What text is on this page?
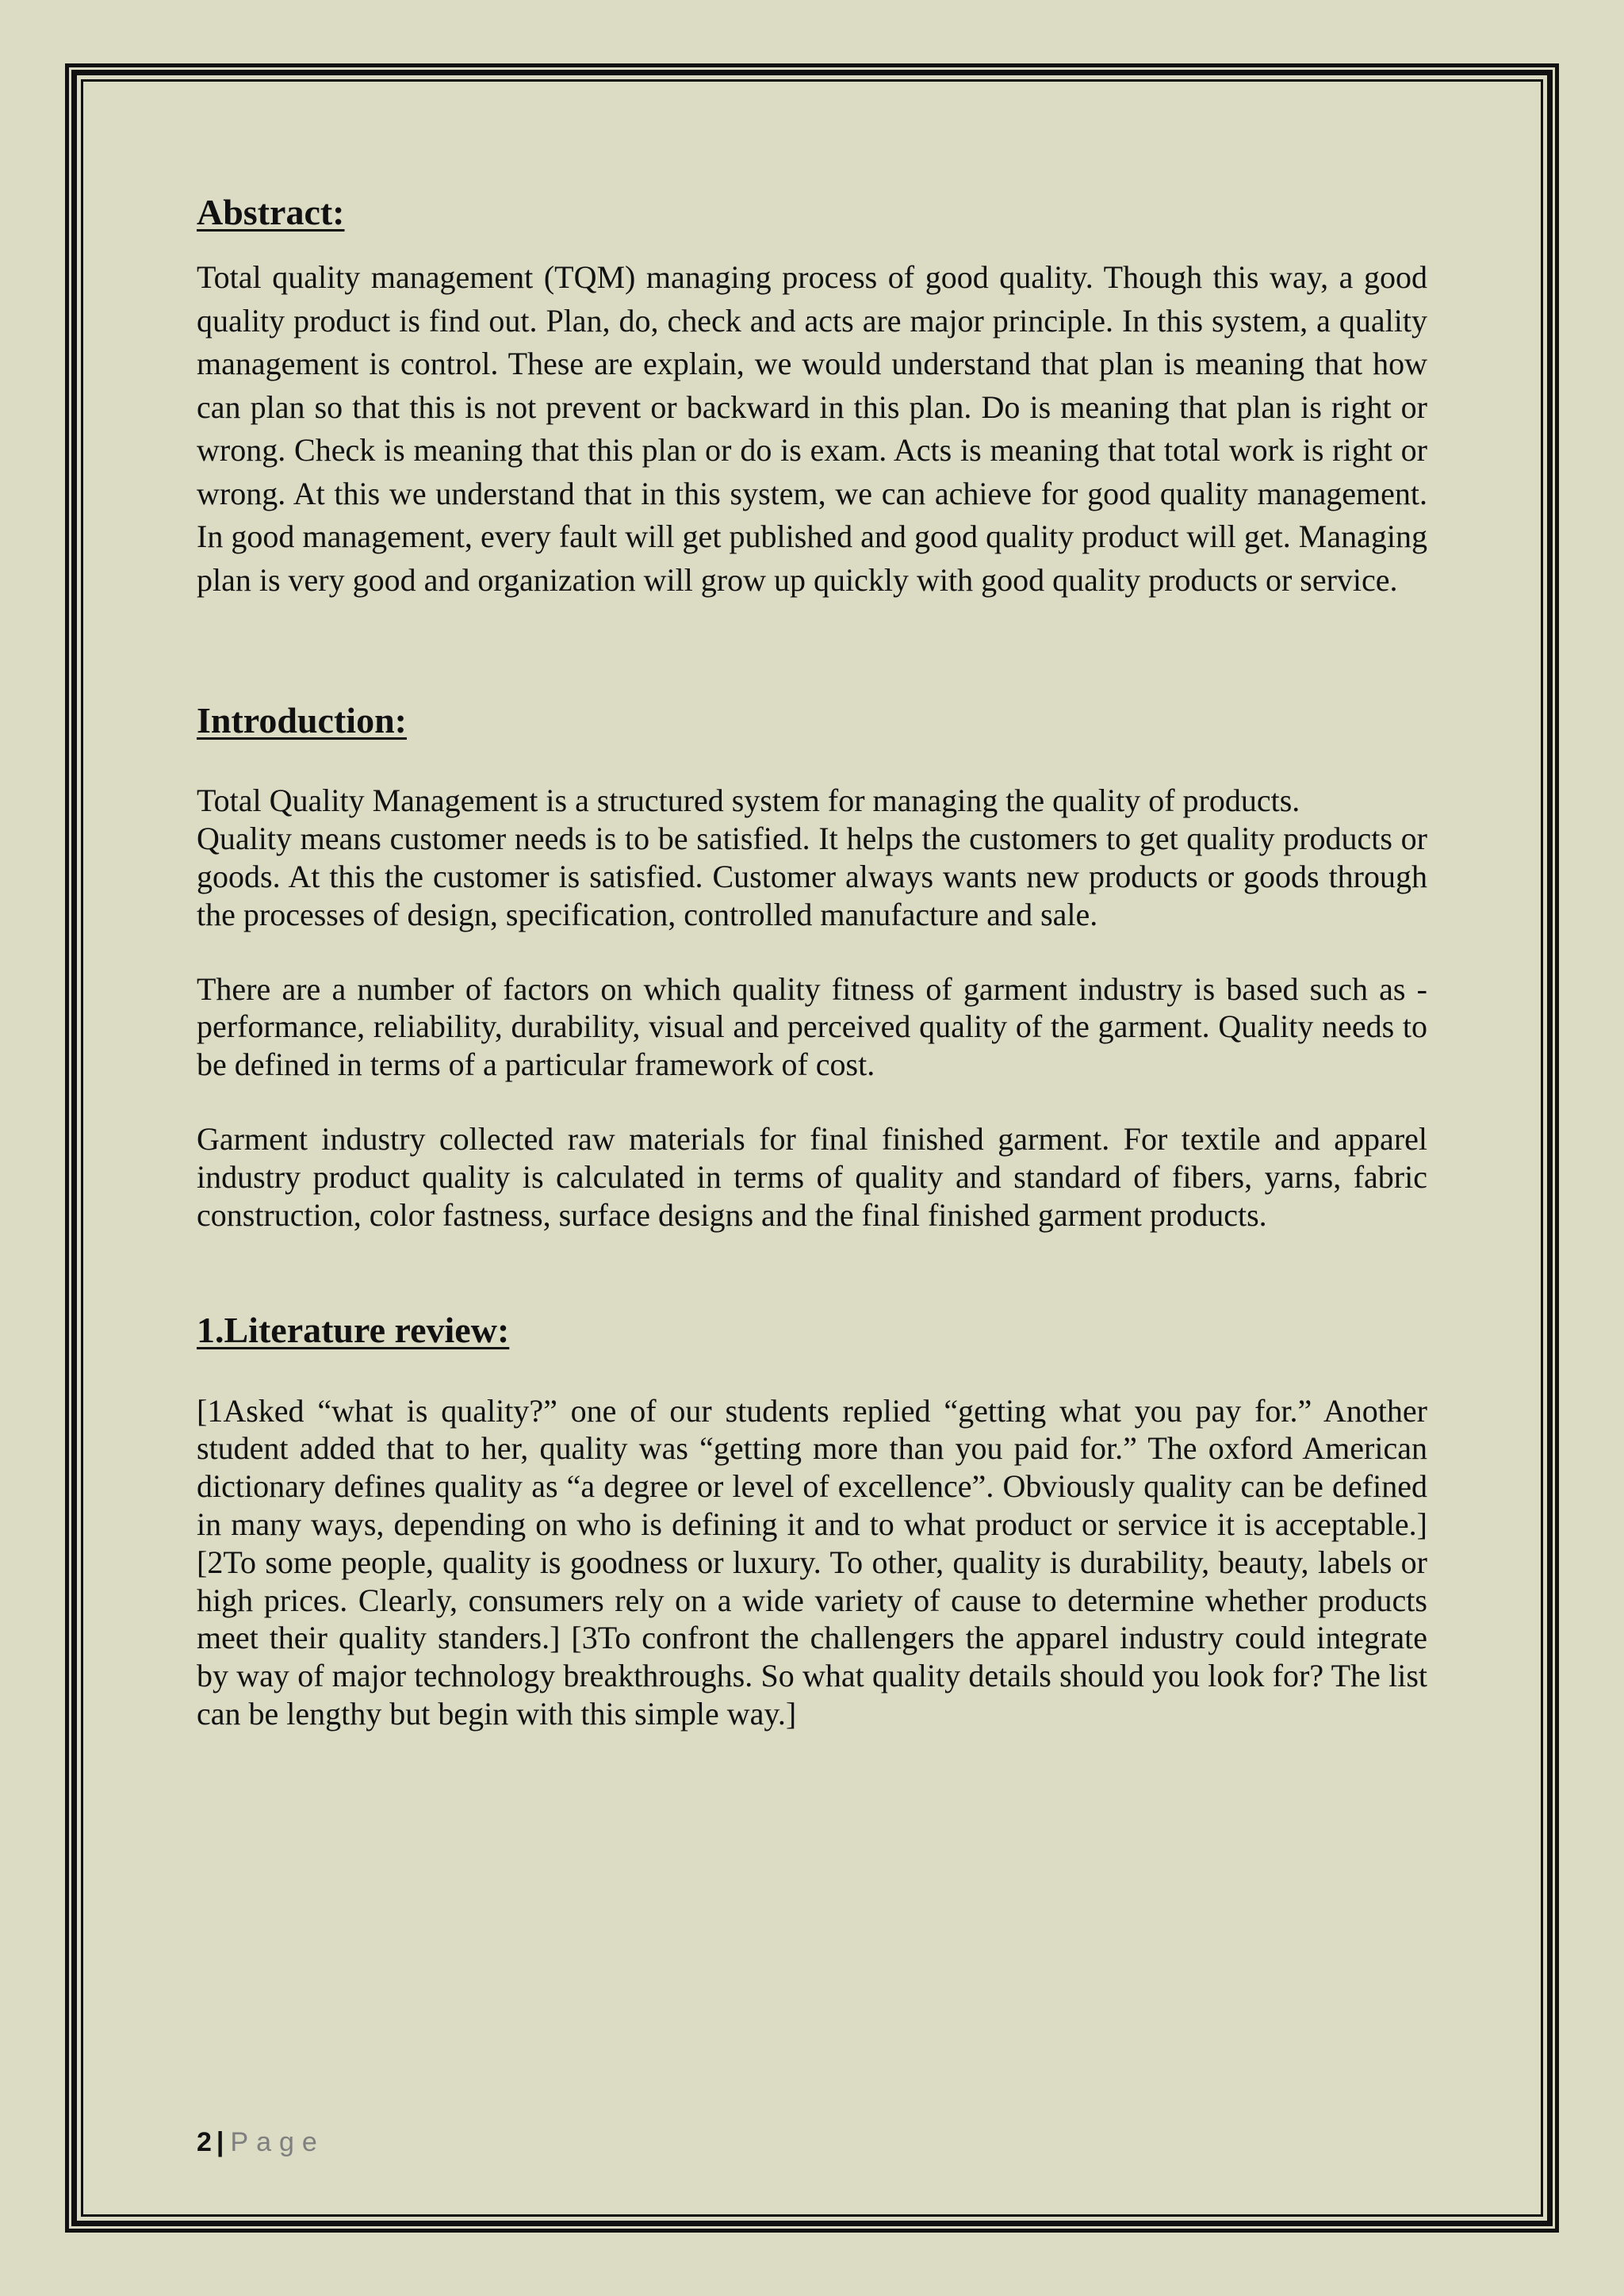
Abstract:

Total quality management (TQM) managing process of good quality. Though this way, a good quality product is find out. Plan, do, check and acts are major principle. In this system, a quality management is control. These are explain, we would understand that plan is meaning that how can plan so that this is not prevent or backward in this plan. Do is meaning that plan is right or wrong. Check is meaning that this plan or do is exam. Acts is meaning that total work is right or wrong. At this we understand that in this system, we can achieve for good quality management. In good management, every fault will get published and good quality product will get. Managing plan is very good and organization will grow up quickly with good quality products or service.

Introduction:

Total Quality Management is a structured system for managing the quality of products.

Quality means customer needs is to be satisfied. It helps the customers to get quality products or goods. At this the customer is satisfied. Customer always wants new products or goods through the processes of design, specification, controlled manufacture and sale.

There are a number of factors on which quality fitness of garment industry is based such as - performance, reliability, durability, visual and perceived quality of the garment. Quality needs to be defined in terms of a particular framework of cost.

Garment industry collected raw materials for final finished garment. For textile and apparel industry product quality is calculated in terms of quality and standard of fibers, yarns, fabric construction, color fastness, surface designs and the final finished garment products.

1.Literature review:

[1Asked “what is quality?” one of our students replied “getting what you pay for.” Another student added that to her, quality was “getting more than you paid for.” The oxford American dictionary defines quality as “a degree or level of excellence”. Obviously quality can be defined in many ways, depending on who is defining it and to what product or service it is acceptable.] [2To some people, quality is goodness or luxury. To other, quality is durability, beauty, labels or high prices. Clearly, consumers rely on a wide variety of cause to determine whether products meet their quality standers.] [3To confront the challengers the apparel industry could integrate by way of major technology breakthroughs. So what quality details should you look for? The list can be lengthy but begin with this simple way.]

2 | Page
